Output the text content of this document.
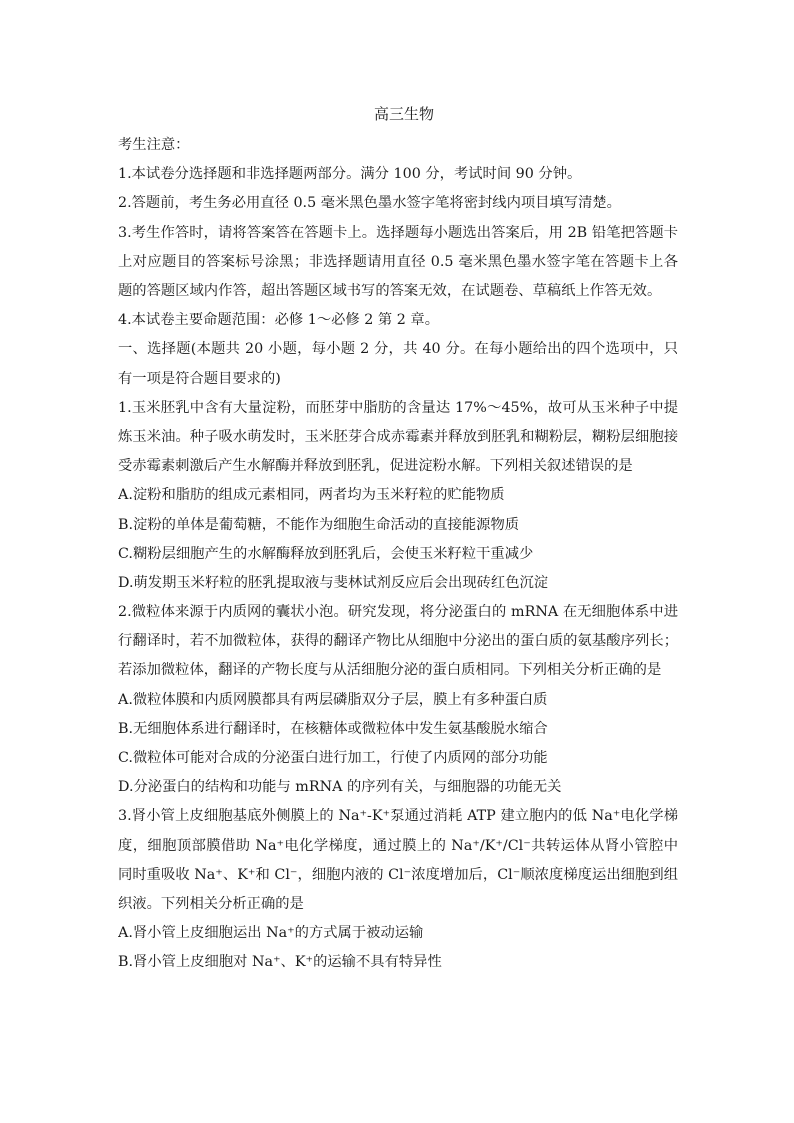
高三生物
考生注意：
1.本试卷分选择题和非选择题两部分。满分 100 分，考试时间 90 分钟。
2.答题前，考生务必用直径 0.5 毫米黑色墨水签字笔将密封线内项目填写清楚。
3.考生作答时，请将答案答在答题卡上。选择题每小题选出答案后，用 2B 铅笔把答题卡上对应题目的答案标号涂黑；非选择题请用直径 0.5 毫米黑色墨水签字笔在答题卡上各题的答题区域内作答，超出答题区域书写的答案无效，在试题卷、草稿纸上作答无效。
4.本试卷主要命题范围：必修 1～必修 2 第 2 章。
一、选择题(本题共 20 小题，每小题 2 分，共 40 分。在每小题给出的四个选项中，只有一项是符合题目要求的)
1.玉米胚乳中含有大量淀粉，而胚芽中脂肪的含量达 17%～45%，故可从玉米种子中提炼玉米油。种子吸水萌发时，玉米胚芽合成赤霉素并释放到胚乳和糊粉层，糊粉层细胞接受赤霉素刺激后产生水解酶并释放到胚乳，促进淀粉水解。下列相关叙述错误的是
A.淀粉和脂肪的组成元素相同，两者均为玉米籽粒的贮能物质
B.淀粉的单体是葡萄糖，不能作为细胞生命活动的直接能源物质
C.糊粉层细胞产生的水解酶释放到胚乳后，会使玉米籽粒干重减少
D.萌发期玉米籽粒的胚乳提取液与斐林试剂反应后会出现砖红色沉淀
2.微粒体来源于内质网的囊状小泡。研究发现，将分泌蛋白的 mRNA 在无细胞体系中进行翻译时，若不加微粒体，获得的翻译产物比从细胞中分泌出的蛋白质的氨基酸序列长；若添加微粒体，翻译的产物长度与从活细胞分泌的蛋白质相同。下列相关分析正确的是
A.微粒体膜和内质网膜都具有两层磷脂双分子层，膜上有多种蛋白质
B.无细胞体系进行翻译时，在核糖体或微粒体中发生氨基酸脱水缩合
C.微粒体可能对合成的分泌蛋白进行加工，行使了内质网的部分功能
D.分泌蛋白的结构和功能与 mRNA 的序列有关，与细胞器的功能无关
3.肾小管上皮细胞基底外侧膜上的 Na⁺-K⁺泵通过消耗 ATP 建立胞内的低 Na⁺电化学梯度，细胞顶部膜借助 Na⁺电化学梯度，通过膜上的 Na⁺/K⁺/Cl⁻共转运体从肾小管腔中同时重吸收 Na⁺、K⁺和 Cl⁻，细胞内液的 Cl⁻浓度增加后，Cl⁻顺浓度梯度运出细胞到组织液。下列相关分析正确的是
A.肾小管上皮细胞运出 Na⁺的方式属于被动运输
B.肾小管上皮细胞对 Na⁺、K⁺的运输不具有特异性
